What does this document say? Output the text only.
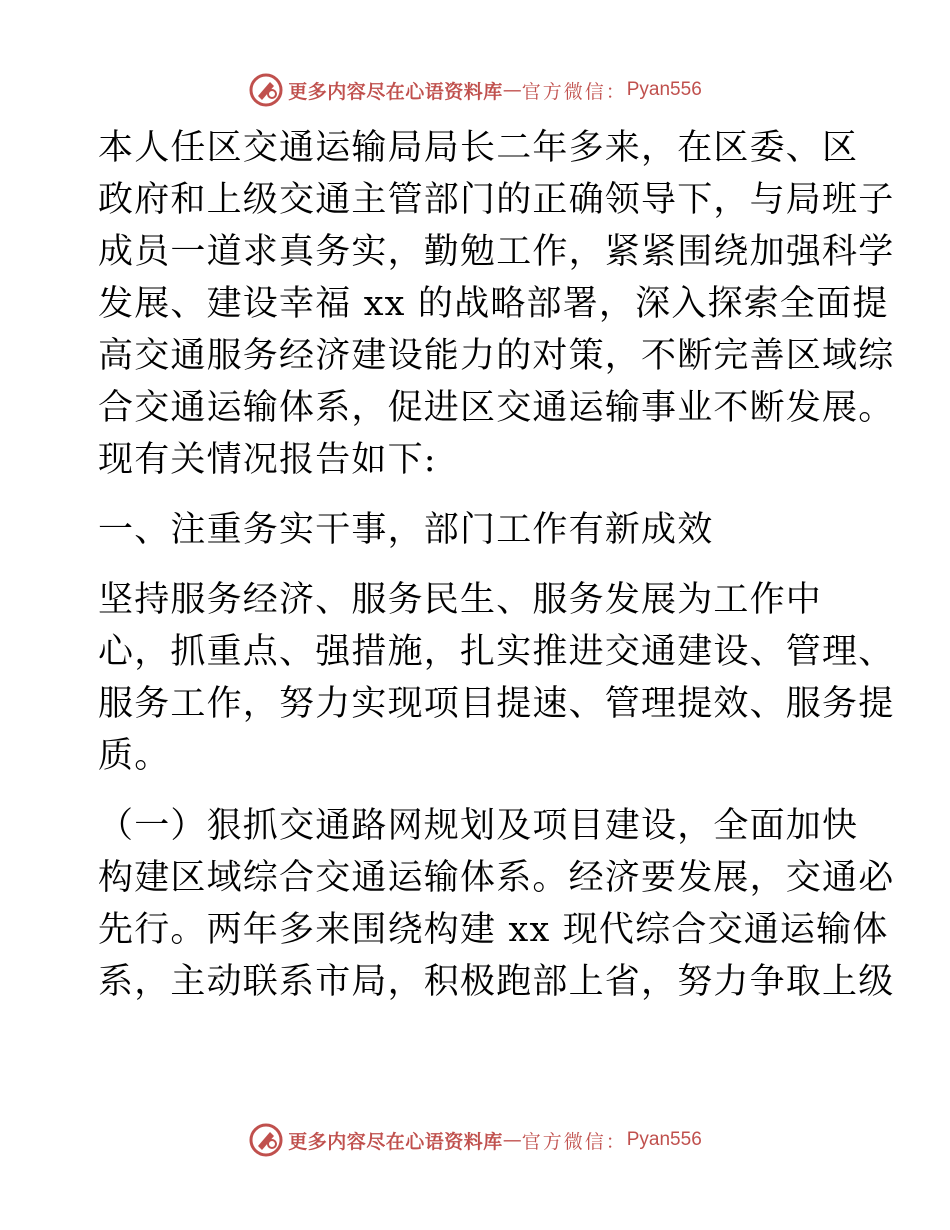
更多内容尽在心语资料库 — 官方微信： Pyan556
本人任区交通运输局局长二年多来，在区委、区
政府和上级交通主管部门的正确领导下，与局班子
成员一道求真务实，勤勉工作，紧紧围绕加强科学
发展、建设幸福 xx 的战略部署，深入探索全面提
高交通服务经济建设能力的对策，不断完善区域综
合交通运输体系，促进区交通运输事业不断发展。
现有关情况报告如下:
一、注重务实干事，部门工作有新成效
坚持服务经济、服务民生、服务发展为工作中
心，抓重点、强措施，扎实推进交通建设、管理、
服务工作，努力实现项目提速、管理提效、服务提
质。
（一）狠抓交通路网规划及项目建设，全面加快
构建区域综合交通运输体系。经济要发展，交通必
先行。两年多来围绕构建 xx 现代综合交通运输体
系，主动联系市局，积极跑部上省，努力争取上级
更多内容尽在心语资料库 — 官方微信： Pyan556
